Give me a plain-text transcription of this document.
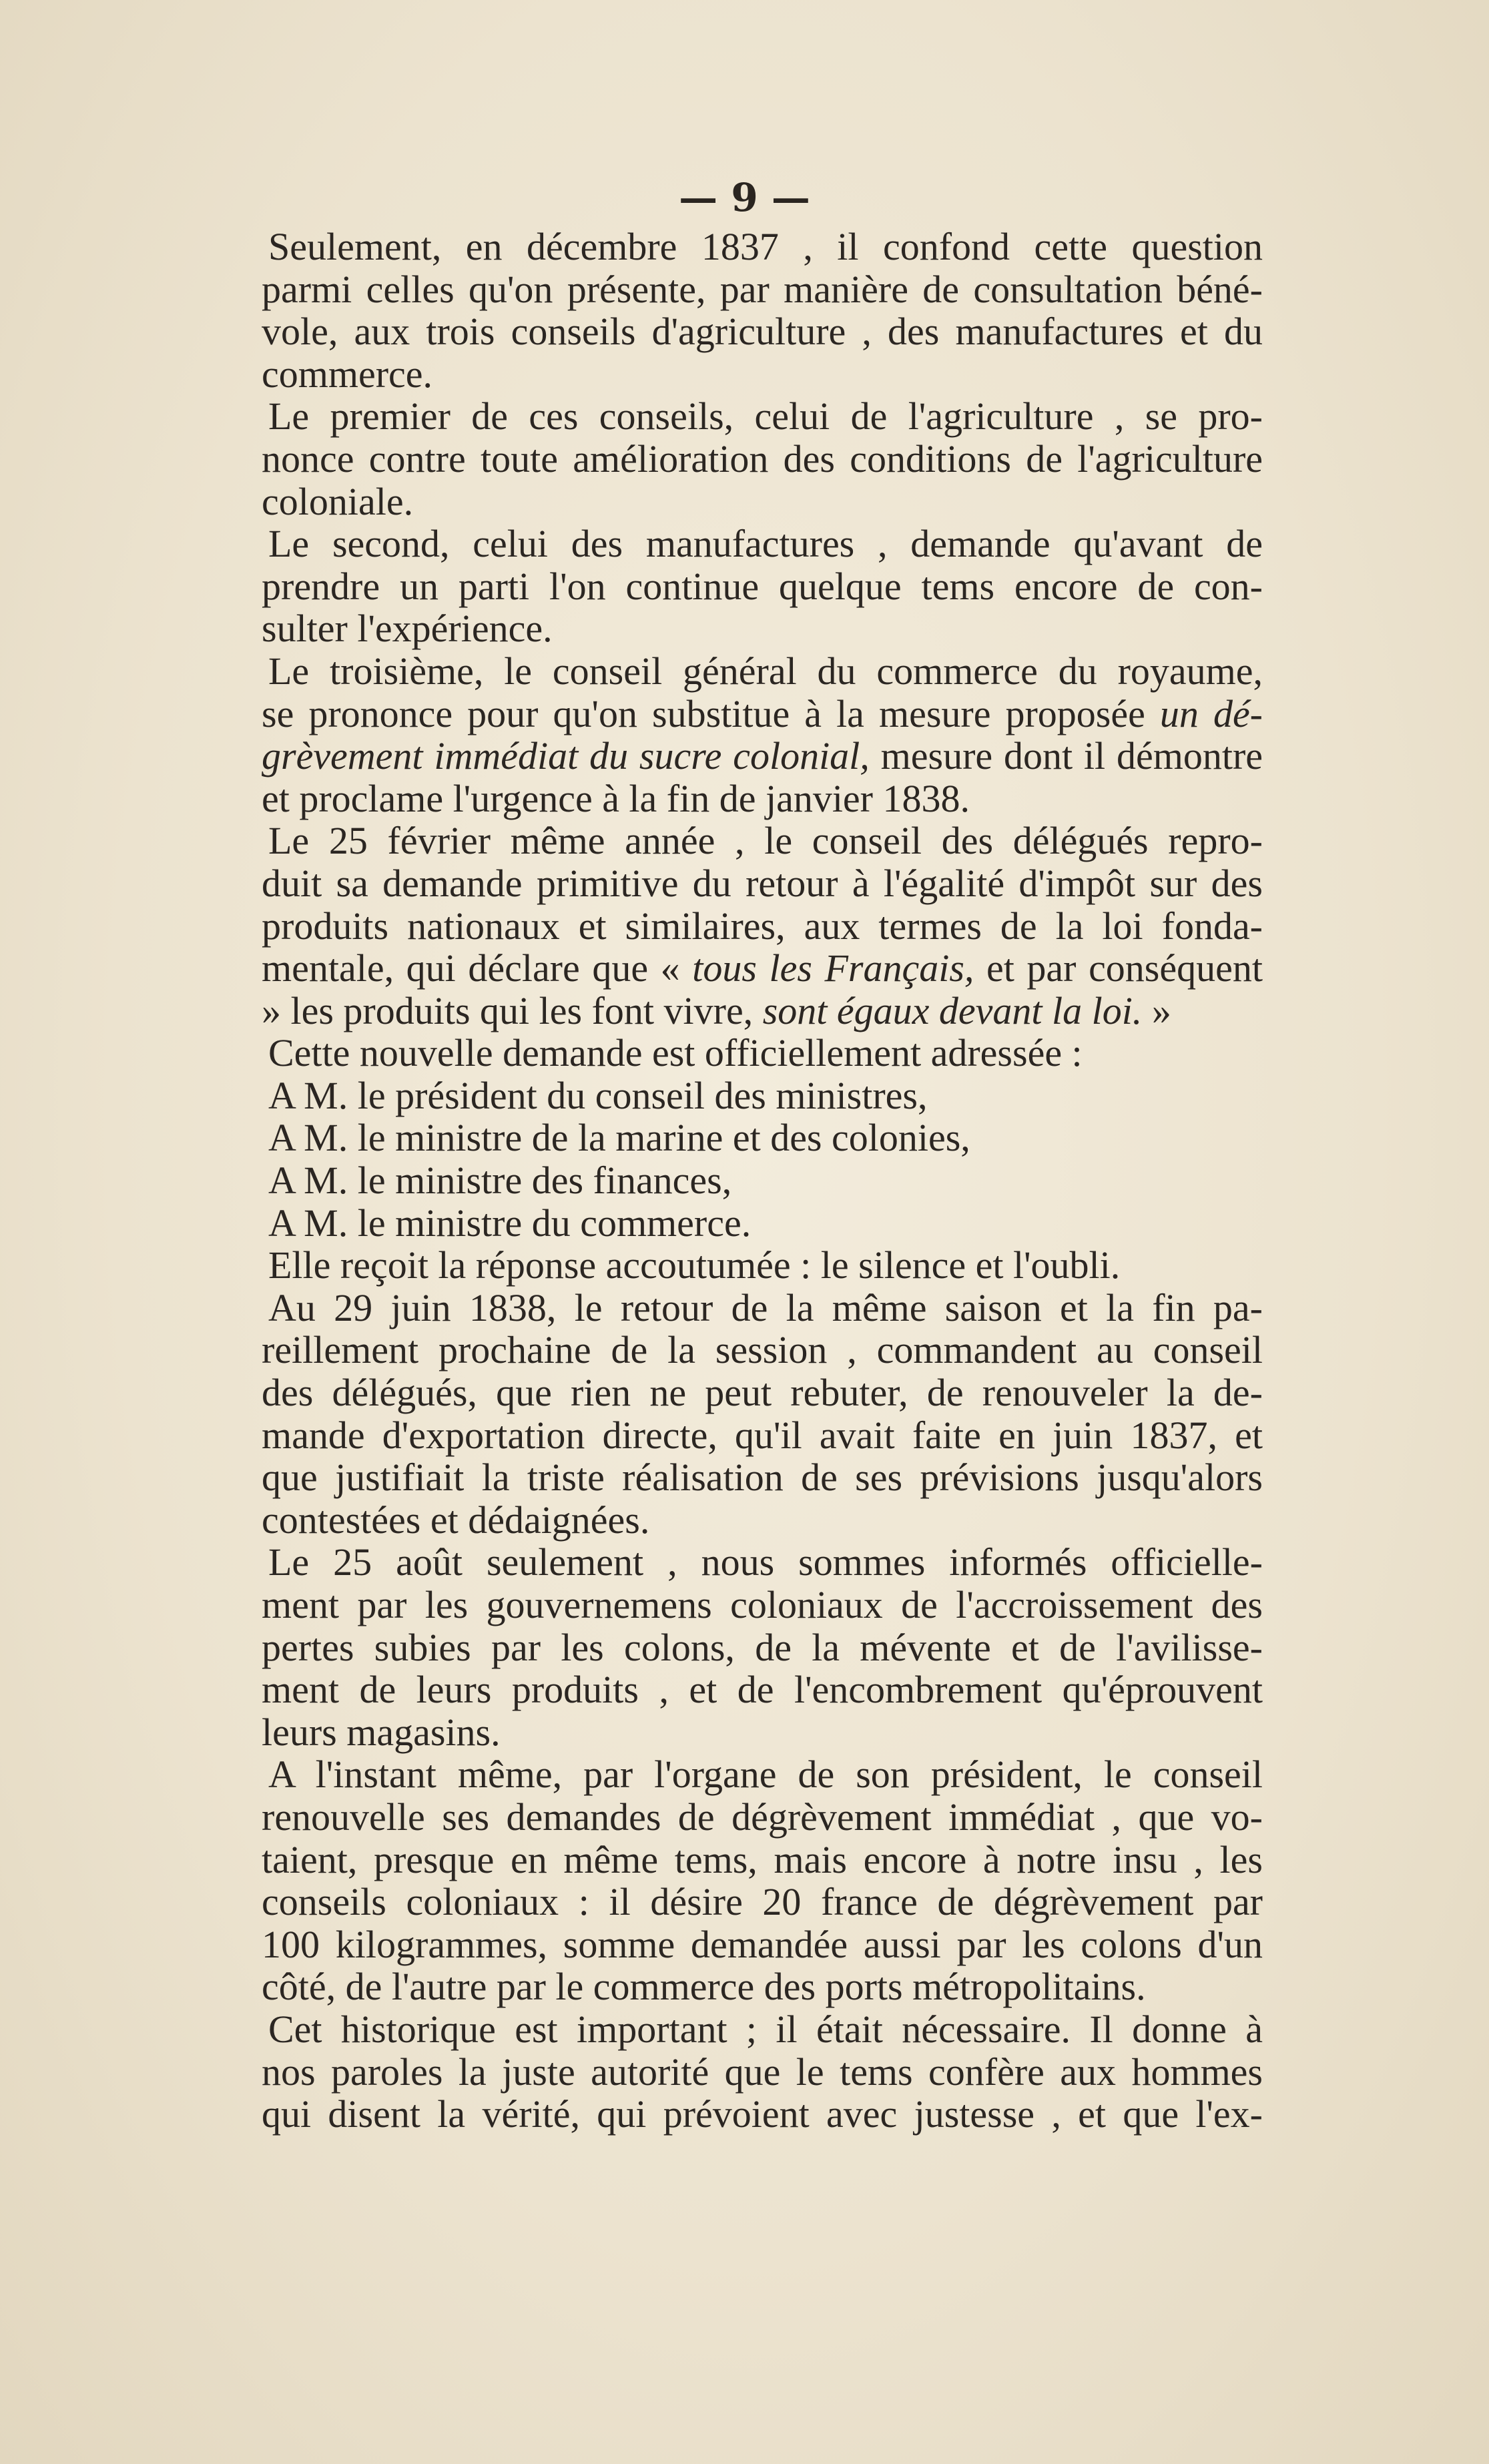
— 9 —
Seulement, en décembre 1837 , il confond cette question
parmi celles qu'on présente, par manière de consultation béné-
vole, aux trois conseils d'agriculture , des manufactures et du
commerce.
Le premier de ces conseils, celui de l'agriculture , se pro-
nonce contre toute amélioration des conditions de l'agriculture
coloniale.
Le second, celui des manufactures , demande qu'avant de
prendre un parti l'on continue quelque tems encore de con-
sulter l'expérience.
Le troisième, le conseil général du commerce du royaume,
se prononce pour qu'on substitue à la mesure proposée un dé-
grèvement immédiat du sucre colonial, mesure dont il démontre
et proclame l'urgence à la fin de janvier 1838.
Le 25 février même année , le conseil des délégués repro-
duit sa demande primitive du retour à l'égalité d'impôt sur des
produits nationaux et similaires, aux termes de la loi fonda-
mentale, qui déclare que « tous les Français, et par conséquent
» les produits qui les font vivre, sont égaux devant la loi. »
Cette nouvelle demande est officiellement adressée :
A M. le président du conseil des ministres,
A M. le ministre de la marine et des colonies,
A M. le ministre des finances,
A M. le ministre du commerce.
Elle reçoit la réponse accoutumée : le silence et l'oubli.
Au 29 juin 1838, le retour de la même saison et la fin pa-
reillement prochaine de la session , commandent au conseil
des délégués, que rien ne peut rebuter, de renouveler la de-
mande d'exportation directe, qu'il avait faite en juin 1837, et
que justifiait la triste réalisation de ses prévisions jusqu'alors
contestées et dédaignées.
Le 25 août seulement , nous sommes informés officielle-
ment par les gouvernemens coloniaux de l'accroissement des
pertes subies par les colons, de la mévente et de l'avilisse-
ment de leurs produits , et de l'encombrement qu'éprouvent
leurs magasins.
A l'instant même, par l'organe de son président, le conseil
renouvelle ses demandes de dégrèvement immédiat , que vo-
taient, presque en même tems, mais encore à notre insu , les
conseils coloniaux : il désire 20 france de dégrèvement par
100 kilogrammes, somme demandée aussi par les colons d'un
côté, de l'autre par le commerce des ports métropolitains.
Cet historique est important ; il était nécessaire. Il donne à
nos paroles la juste autorité que le tems confère aux hommes
qui disent la vérité, qui prévoient avec justesse , et que l'ex-
